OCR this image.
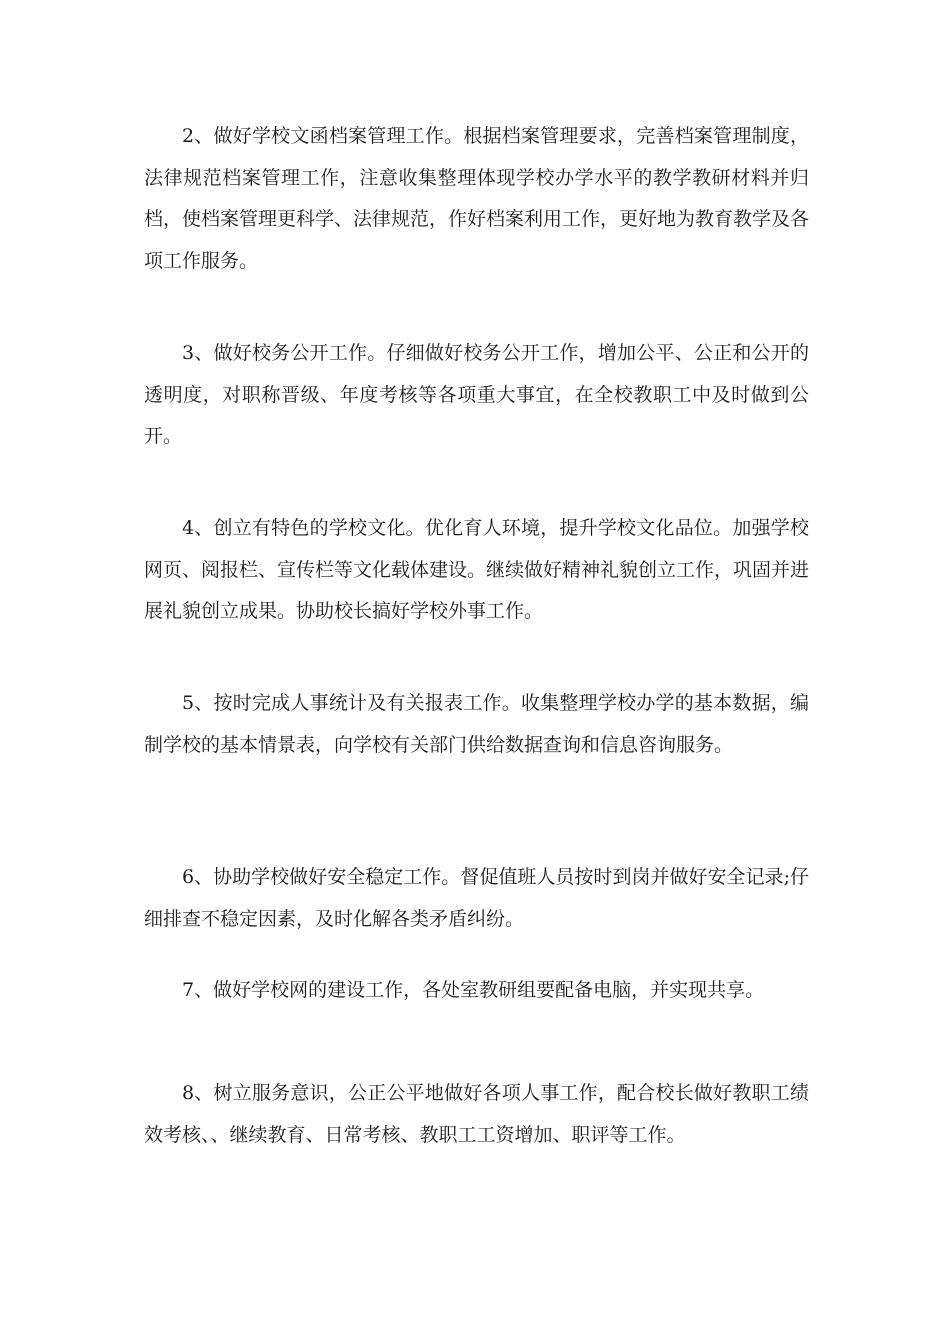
2、做好学校文函档案管理工作。根据档案管理要求，完善档案管理制度，法律规范档案管理工作，注意收集整理体现学校办学水平的教学教研材料并归档，使档案管理更科学、法律规范，作好档案利用工作，更好地为教育教学及各项工作服务。

3、做好校务公开工作。仔细做好校务公开工作，增加公平、公正和公开的透明度，对职称晋级、年度考核等各项重大事宜，在全校教职工中及时做到公开。

4、创立有特色的学校文化。优化育人环境，提升学校文化品位。加强学校网页、阅报栏、宣传栏等文化载体建设。继续做好精神礼貌创立工作，巩固并进展礼貌创立成果。协助校长搞好学校外事工作。

5、按时完成人事统计及有关报表工作。收集整理学校办学的基本数据，编制学校的基本情景表，向学校有关部门供给数据查询和信息咨询服务。

6、协助学校做好安全稳定工作。督促值班人员按时到岗并做好安全记录;仔细排查不稳定因素，及时化解各类矛盾纠纷。

7、做好学校网的建设工作，各处室教研组要配备电脑，并实现共享。

8、树立服务意识，公正公平地做好各项人事工作，配合校长做好教职工绩效考核、、继续教育、日常考核、教职工工资增加、职评等工作。
